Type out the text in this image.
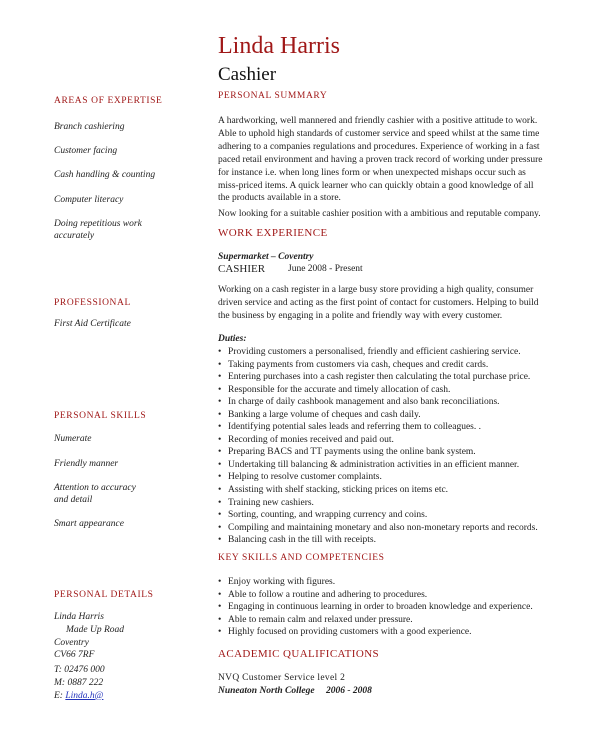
Linda Harris
Cashier
AREAS OF EXPERTISE
Branch cashiering
Customer facing
Cash handling & counting
Computer literacy
Doing repetitious work
accurately
PROFESSIONAL
First Aid Certificate
PERSONAL SKILLS
Numerate
Friendly manner
Attention to accuracy
and detail
Smart appearance
PERSONAL DETAILS
Linda Harris
Made Up Road
Coventry
CV66 7RF
T: 02476 000
M: 0887 222
E: Linda.h@
PERSONAL SUMMARY
A hardworking, well mannered and friendly cashier with a positive attitude to work.
Able to uphold high standards of customer service and speed whilst at the same time
adhering to a companies regulations and procedures. Experience of working in a fast
paced retail environment and having a proven track record of working under pressure
for instance i.e. when long lines form or when unexpected mishaps occur such as
miss-priced items. A quick learner who can quickly obtain a good knowledge of all
the products available in a store.
Now looking for a suitable cashier position with a ambitious and reputable company.
WORK EXPERIENCE
Supermarket – Coventry
CASHIER June 2008 - Present
Working on a cash register in a large busy store providing a high quality, consumer
driven service and acting as the first point of contact for customers. Helping to build
the business by engaging in a polite and friendly way with every customer.
Duties:
• Providing customers a personalised, friendly and efficient cashiering service.
• Taking payments from customers via cash, cheques and credit cards.
• Entering purchases into a cash register then calculating the total purchase price.
• Responsible for the accurate and timely allocation of cash.
• In charge of daily cashbook management and also bank reconciliations.
• Banking a large volume of cheques and cash daily.
• Identifying potential sales leads and referring them to colleagues. .
• Recording of monies received and paid out.
• Preparing BACS and TT payments using the online bank system.
• Undertaking till balancing & administration activities in an efficient manner.
• Helping to resolve customer complaints.
• Assisting with shelf stacking, sticking prices on items etc.
• Training new cashiers.
• Sorting, counting, and wrapping currency and coins.
• Compiling and maintaining monetary and also non-monetary reports and records.
• Balancing cash in the till with receipts.
KEY SKILLS AND COMPETENCIES
• Enjoy working with figures.
• Able to follow a routine and adhering to procedures.
• Engaging in continuous learning in order to broaden knowledge and experience.
• Able to remain calm and relaxed under pressure.
• Highly focused on providing customers with a good experience.
ACADEMIC QUALIFICATIONS
NVQ Customer Service level 2
Nuneaton North College 2006 - 2008
